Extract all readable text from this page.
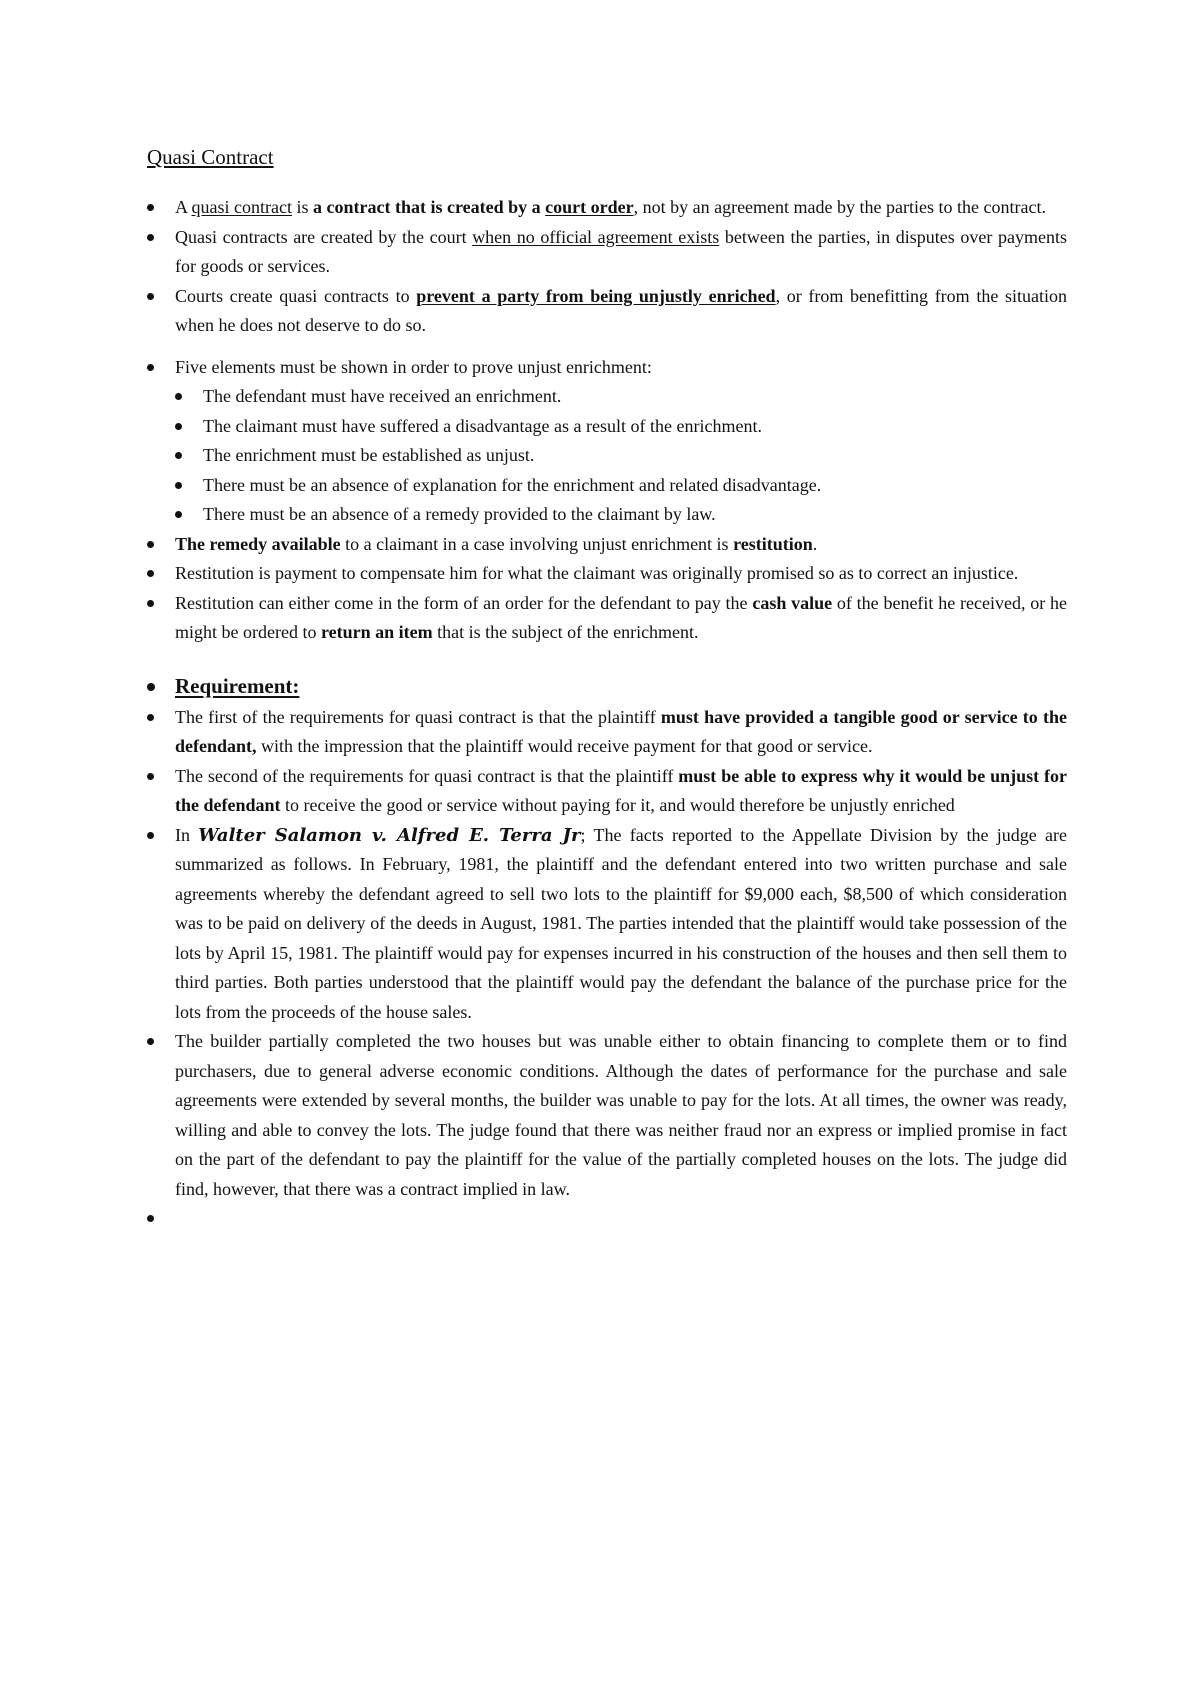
Quasi Contract
A quasi contract is a contract that is created by a court order, not by an agreement made by the parties to the contract.
Quasi contracts are created by the court when no official agreement exists between the parties, in disputes over payments for goods or services.
Courts create quasi contracts to prevent a party from being unjustly enriched, or from benefitting from the situation when he does not deserve to do so.
Five elements must be shown in order to prove unjust enrichment:
The defendant must have received an enrichment.
The claimant must have suffered a disadvantage as a result of the enrichment.
The enrichment must be established as unjust.
There must be an absence of explanation for the enrichment and related disadvantage.
There must be an absence of a remedy provided to the claimant by law.
The remedy available to a claimant in a case involving unjust enrichment is restitution.
Restitution is payment to compensate him for what the claimant was originally promised so as to correct an injustice.
Restitution can either come in the form of an order for the defendant to pay the cash value of the benefit he received, or he might be ordered to return an item that is the subject of the enrichment.
Requirement:
The first of the requirements for quasi contract is that the plaintiff must have provided a tangible good or service to the defendant, with the impression that the plaintiff would receive payment for that good or service.
The second of the requirements for quasi contract is that the plaintiff must be able to express why it would be unjust for the defendant to receive the good or service without paying for it, and would therefore be unjustly enriched
In Walter Salamon v. Alfred E. Terra Jr; The facts reported to the Appellate Division by the judge are summarized as follows. In February, 1981, the plaintiff and the defendant entered into two written purchase and sale agreements whereby the defendant agreed to sell two lots to the plaintiff for $9,000 each, $8,500 of which consideration was to be paid on delivery of the deeds in August, 1981. The parties intended that the plaintiff would take possession of the lots by April 15, 1981. The plaintiff would pay for expenses incurred in his construction of the houses and then sell them to third parties. Both parties understood that the plaintiff would pay the defendant the balance of the purchase price for the lots from the proceeds of the house sales.
The builder partially completed the two houses but was unable either to obtain financing to complete them or to find purchasers, due to general adverse economic conditions. Although the dates of performance for the purchase and sale agreements were extended by several months, the builder was unable to pay for the lots. At all times, the owner was ready, willing and able to convey the lots. The judge found that there was neither fraud nor an express or implied promise in fact on the part of the defendant to pay the plaintiff for the value of the partially completed houses on the lots. The judge did find, however, that there was a contract implied in law.
